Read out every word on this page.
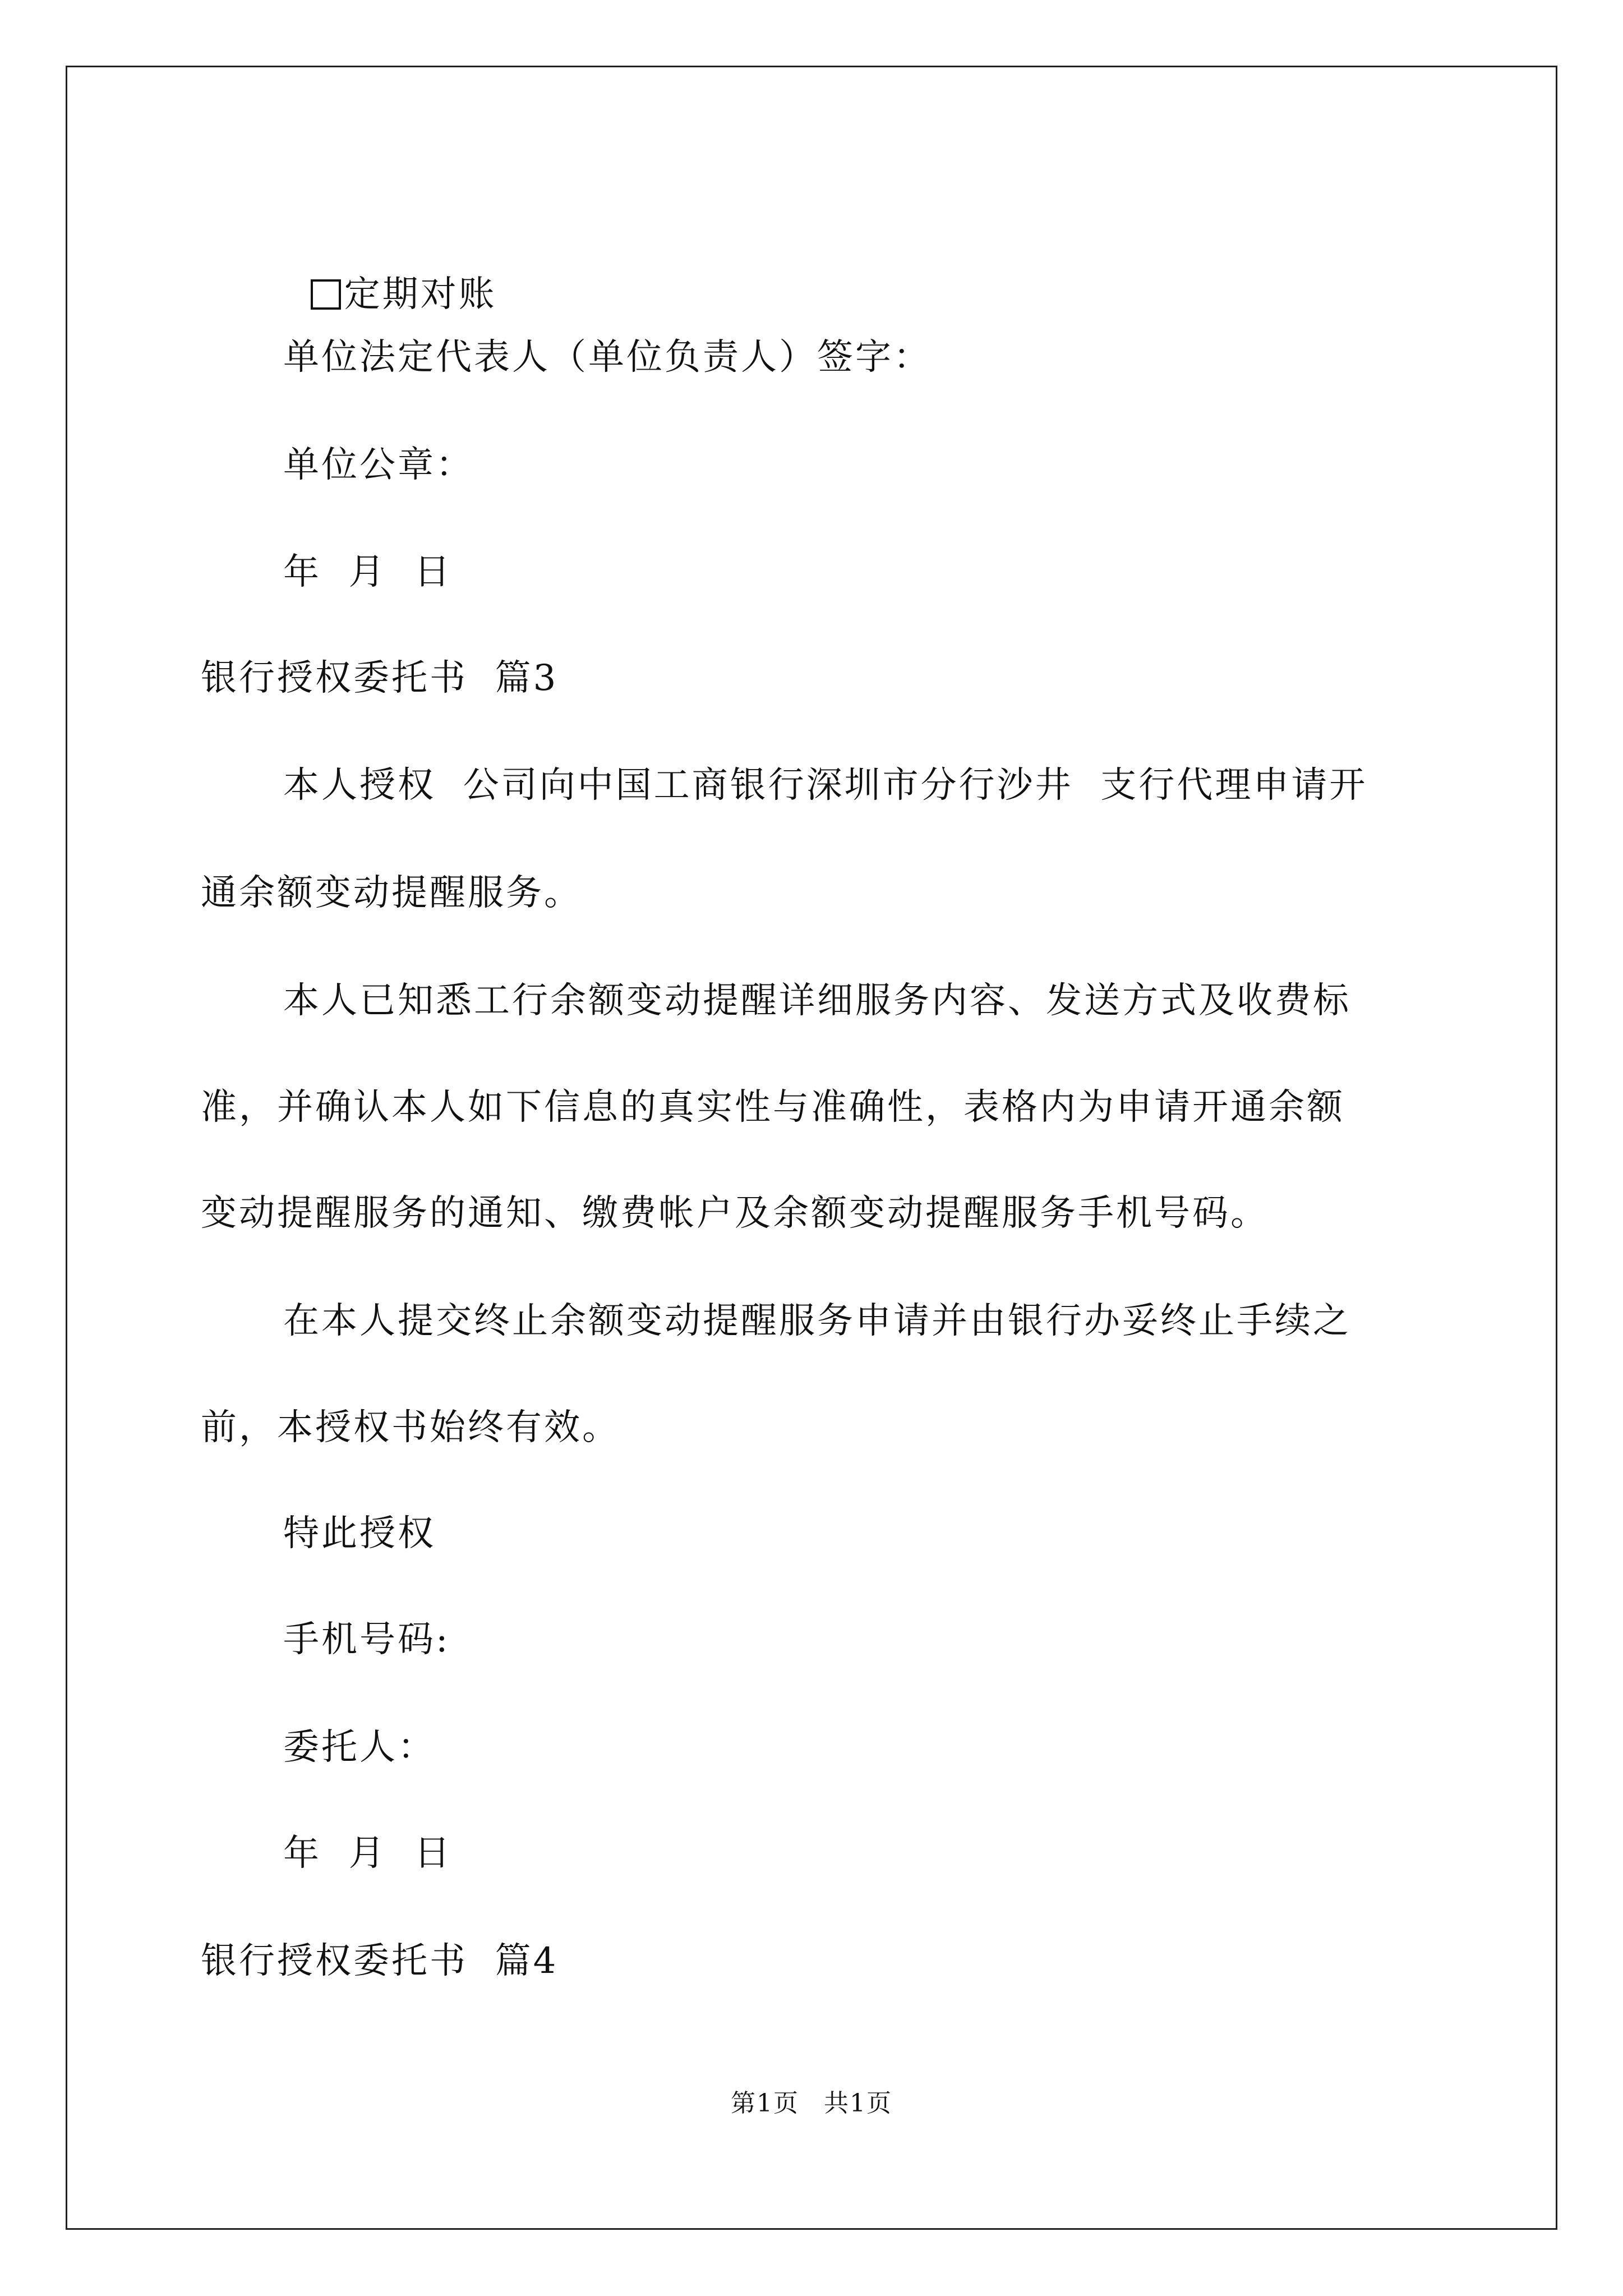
定期对账

单位法定代表人（单位负责人）签字：
单位公章：
年  月  日
银行授权委托书  篇3
本人授权  公司向中国工商银行深圳市分行沙井  支行代理申请开
通余额变动提醒服务。
本人已知悉工行余额变动提醒详细服务内容、发送方式及收费标
准，并确认本人如下信息的真实性与准确性，表格内为申请开通余额
变动提醒服务的通知、缴费帐户及余额变动提醒服务手机号码。
在本人提交终止余额变动提醒服务申请并由银行办妥终止手续之
前，本授权书始终有效。
特此授权
手机号码:
委托人：
年  月  日
银行授权委托书  篇4
第1页 共1页
